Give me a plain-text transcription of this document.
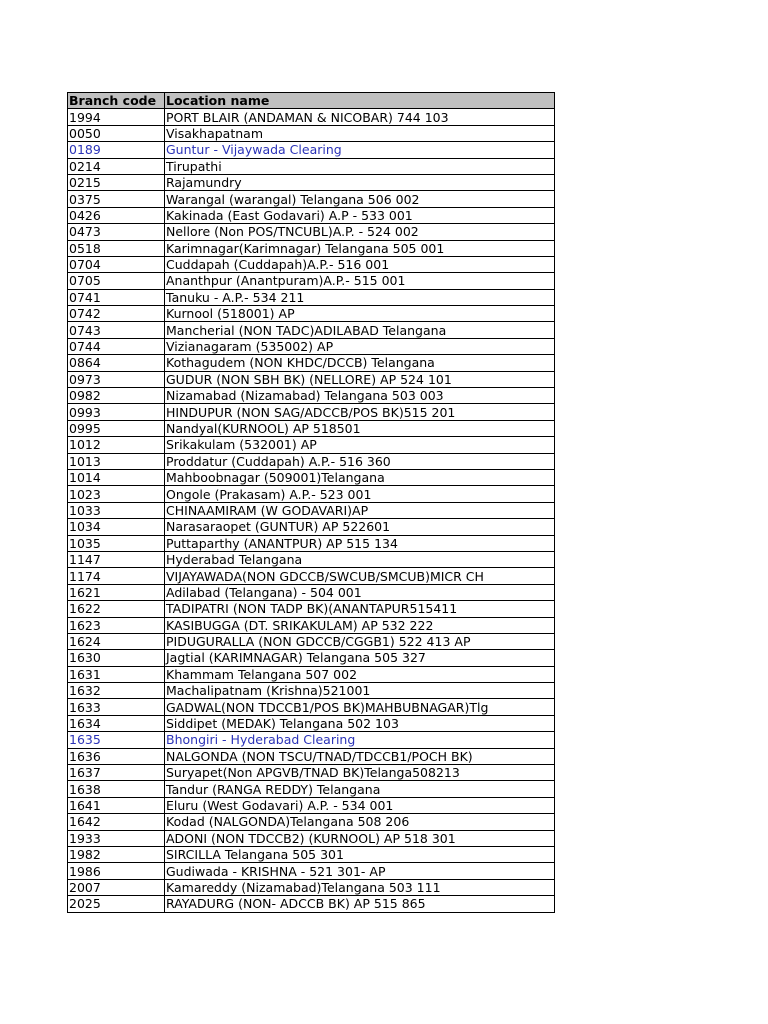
Branch code	Location name
1994	PORT BLAIR (ANDAMAN & NICOBAR) 744 103
0050	Visakhapatnam
0189	Guntur - Vijaywada Clearing
0214	Tirupathi
0215	Rajamundry
0375	Warangal (warangal) Telangana 506 002
0426	Kakinada (East Godavari) A.P - 533 001
0473	Nellore (Non POS/TNCUBL)A.P. - 524 002
0518	Karimnagar(Karimnagar) Telangana 505 001
0704	Cuddapah (Cuddapah)A.P.- 516 001
0705	Ananthpur (Anantpuram)A.P.- 515 001
0741	Tanuku - A.P.- 534 211
0742	Kurnool (518001) AP
0743	Mancherial (NON TADC)ADILABAD Telangana
0744	Vizianagaram (535002) AP
0864	Kothagudem (NON KHDC/DCCB) Telangana
0973	GUDUR (NON SBH BK) (NELLORE) AP 524 101
0982	Nizamabad (Nizamabad) Telangana 503 003
0993	HINDUPUR (NON SAG/ADCCB/POS BK)515 201
0995	Nandyal(KURNOOL) AP 518501
1012	Srikakulam (532001) AP
1013	Proddatur (Cuddapah) A.P.- 516 360
1014	Mahboobnagar (509001)Telangana
1023	Ongole (Prakasam) A.P.- 523 001
1033	CHINAAMIRAM (W GODAVARI)AP
1034	Narasaraopet (GUNTUR) AP 522601
1035	Puttaparthy (ANANTPUR) AP 515 134
1147	Hyderabad Telangana
1174	VIJAYAWADA(NON GDCCB/SWCUB/SMCUB)MICR CH
1621	Adilabad (Telangana) - 504 001
1622	TADIPATRI (NON TADP BK)(ANANTAPUR515411
1623	KASIBUGGA (DT. SRIKAKULAM) AP 532 222
1624	PIDUGURALLA (NON GDCCB/CGGB1) 522 413 AP
1630	Jagtial (KARIMNAGAR) Telangana 505 327
1631	Khammam Telangana 507 002
1632	Machalipatnam (Krishna)521001
1633	GADWAL(NON TDCCB1/POS BK)MAHBUBNAGAR)Tlg
1634	Siddipet (MEDAK) Telangana 502 103
1635	Bhongiri - Hyderabad Clearing
1636	NALGONDA (NON TSCU/TNAD/TDCCB1/POCH BK)
1637	Suryapet(Non APGVB/TNAD BK)Telanga508213
1638	Tandur (RANGA REDDY) Telangana
1641	Eluru (West Godavari) A.P. - 534 001
1642	Kodad (NALGONDA)Telangana 508 206
1933	ADONI (NON TDCCB2) (KURNOOL) AP 518 301
1982	SIRCILLA Telangana 505 301
1986	Gudiwada - KRISHNA - 521 301- AP
2007	Kamareddy (Nizamabad)Telangana 503 111
2025	RAYADURG (NON- ADCCB BK) AP 515 865
